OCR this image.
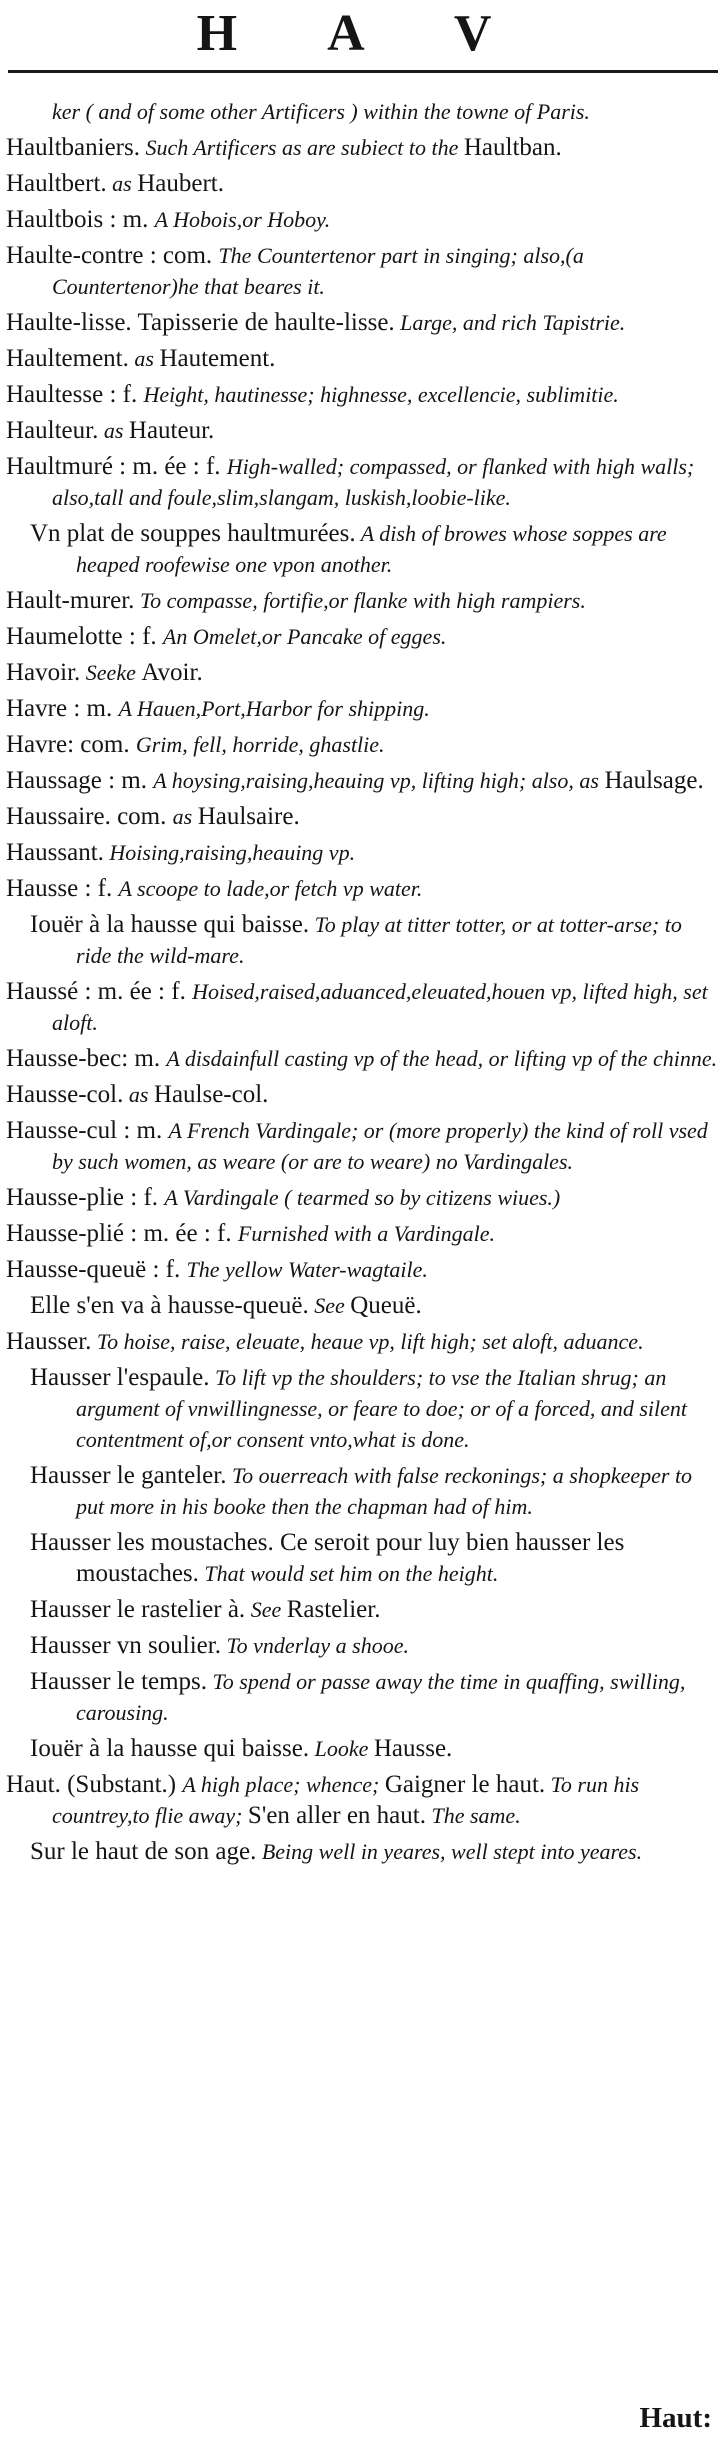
H A V
ker ( and of some other Artificers ) within the towne of Paris.
Haultbaniers. Such Artificers as are subiect to the Haultban.
Haultbert. as Haubert.
Haultbois : m. A Hobois,or Hoboy.
Haulte-contre : com. The Countertenor part in singing; also,(a Countertenor)he that beares it.
Haulte-lisse. Tapisserie de haulte-lisse. Large, and rich Tapistrie.
Haultement. as Hautement.
Haultesse : f. Height, hautinesse; highnesse, excellencie, sublimitie.
Haulteur. as Hauteur.
Haultmuré : m. ée : f. High-walled; compassed, or flanked with high walls; also,tall and foule,slim,slangam, luskish,loobie-like.
Vn plat de souppes haultmurées. A dish of browes whose soppes are heaped roofewise one vpon another.
Hault-murer. To compasse, fortifie,or flanke with high rampiers.
Haumelotte : f. An Omelet,or Pancake of egges.
Havoir. Seeke Avoir.
Havre : m. A Hauen,Port,Harbor for shipping.
Havre: com. Grim, fell, horride, ghastlie.
Haussage : m. A hoysing,raising,heauing vp, lifting high; also, as Haulsage.
Haussaire. com. as Haulsaire.
Haussant. Hoising,raising,heauing vp.
Hausse : f. A scoope to lade,or fetch vp water.
Iouër à la hausse qui baisse. To play at titter totter, or at totter-arse; to ride the wild-mare.
Haussé : m. ée : f. Hoised,raised,aduanced,eleuated,houen vp, lifted high, set aloft.
Hausse-bec: m. A disdainfull casting vp of the head, or lifting vp of the chinne.
Hausse-col. as Haulse-col.
Hausse-cul : m. A French Vardingale; or (more properly) the kind of roll vsed by such women, as weare (or are to weare) no Vardingales.
Hausse-plie : f. A Vardingale ( tearmed so by citizens wiues.)
Hausse-plié : m. ée : f. Furnished with a Vardingale.
Hausse-queuë : f. The yellow Water-wagtaile.
Elle s'en va à hausse-queuë. See Queuë.
Hausser. To hoise, raise, eleuate, heaue vp, lift high; set aloft, aduance.
Hausser l'espaule. To lift vp the shoulders; to vse the Italian shrug; an argument of vnwillingnesse, or feare to doe; or of a forced, and silent contentment of,or consent vnto,what is done.
Hausser le ganteler. To ouerreach with false reckonings; a shopkeeper to put more in his booke then the chapman had of him.
Hausser les moustaches. Ce seroit pour luy bien hausser les moustaches. That would set him on the height.
Hausser le rastelier à. See Rastelier.
Hausser vn soulier. To vnderlay a shooe.
Hausser le temps. To spend or passe away the time in quaffing, swilling, carousing.
Iouër à la hausse qui baisse. Looke Hausse.
Haut. (Substant.) A high place; whence; Gaigner le haut. To run his countrey,to flie away; S'en aller en haut. The same.
Sur le haut de son age. Being well in yeares, well stept into yeares.
Haut:
